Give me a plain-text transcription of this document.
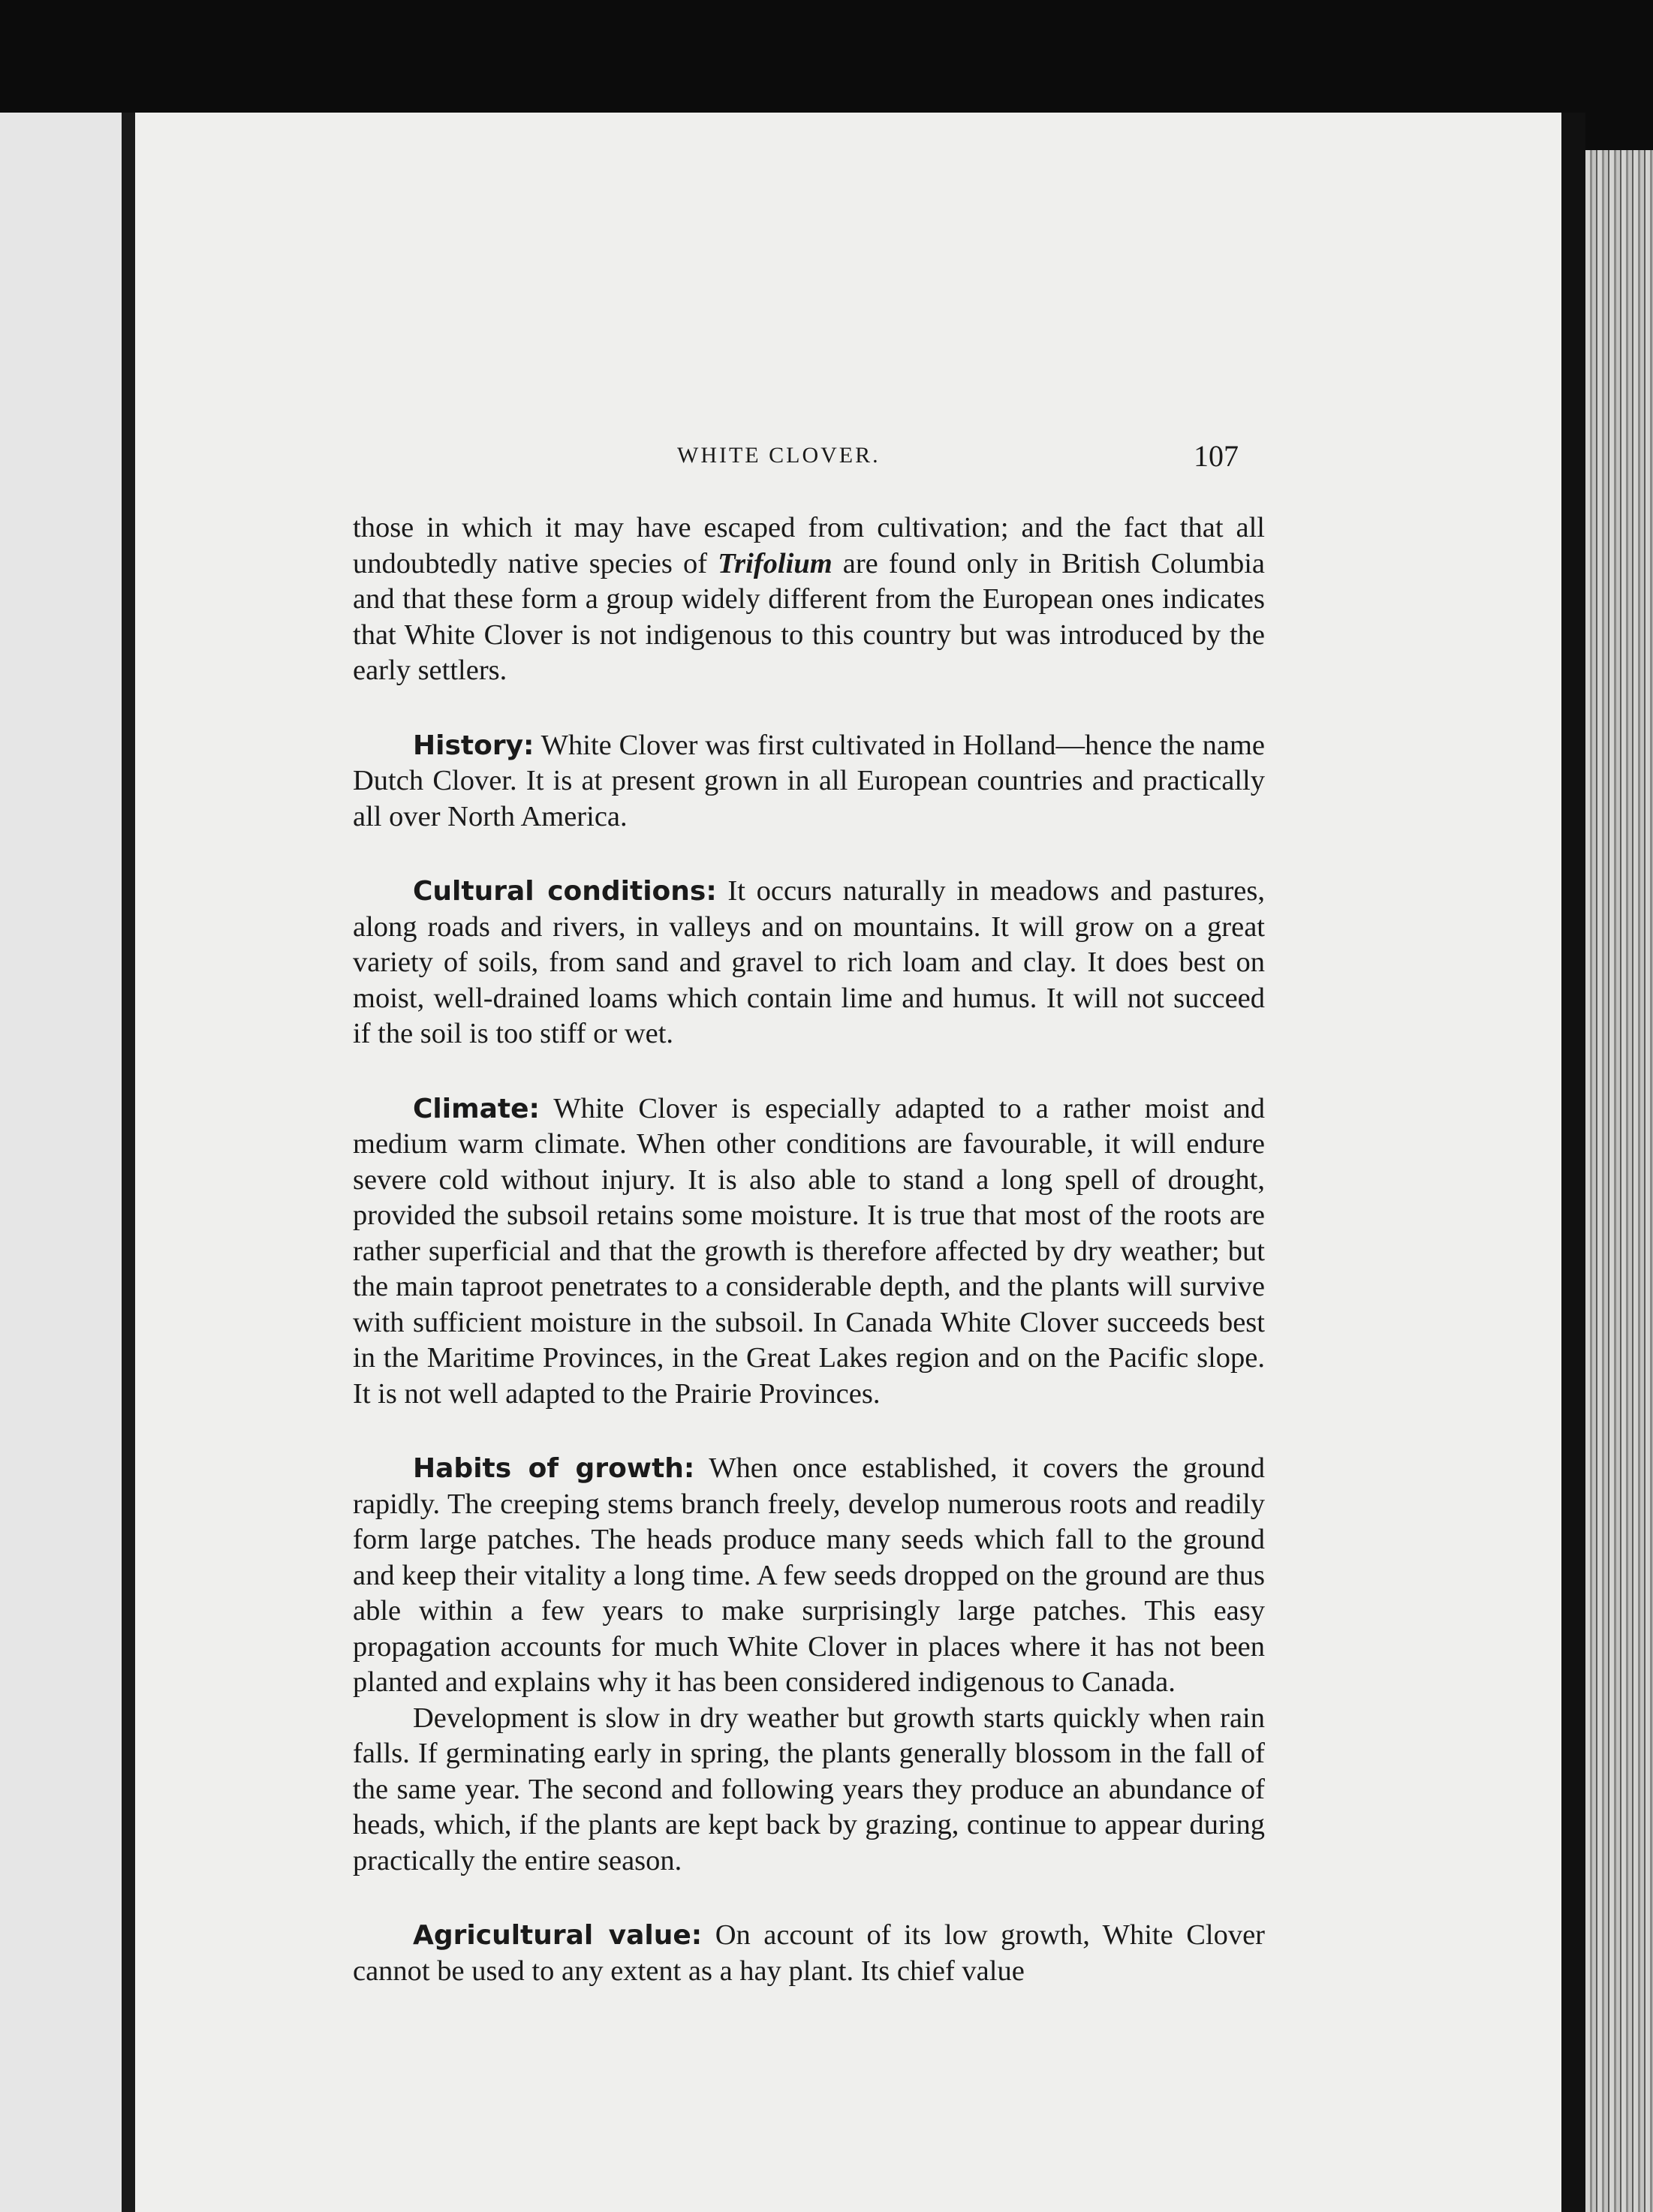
WHITE CLOVER.	107

those in which it may have escaped from cultivation; and the fact that all undoubtedly native species of Trifolium are found only in British Columbia and that these form a group widely different from the European ones indicates that White Clover is not indigenous to this country but was introduced by the early settlers.

History: White Clover was first cultivated in Holland—hence the name Dutch Clover. It is at present grown in all European countries and practically all over North America.

Cultural conditions: It occurs naturally in meadows and pastures, along roads and rivers, in valleys and on mountains. It will grow on a great variety of soils, from sand and gravel to rich loam and clay. It does best on moist, well-drained loams which contain lime and humus. It will not succeed if the soil is too stiff or wet.

Climate: White Clover is especially adapted to a rather moist and medium warm climate. When other conditions are favourable, it will endure severe cold without injury. It is also able to stand a long spell of drought, provided the subsoil retains some moisture. It is true that most of the roots are rather superficial and that the growth is therefore affected by dry weather; but the main taproot penetrates to a considerable depth, and the plants will survive with sufficient moisture in the subsoil. In Canada White Clover succeeds best in the Maritime Provinces, in the Great Lakes region and on the Pacific slope. It is not well adapted to the Prairie Provinces.

Habits of growth: When once established, it covers the ground rapidly. The creeping stems branch freely, develop numerous roots and readily form large patches. The heads produce many seeds which fall to the ground and keep their vitality a long time. A few seeds dropped on the ground are thus able within a few years to make surprisingly large patches. This easy propagation accounts for much White Clover in places where it has not been planted and explains why it has been considered indigenous to Canada.

Development is slow in dry weather but growth starts quickly when rain falls. If germinating early in spring, the plants generally blossom in the fall of the same year. The second and following years they produce an abundance of heads, which, if the plants are kept back by grazing, continue to appear during practically the entire season.

Agricultural value: On account of its low growth, White Clover cannot be used to any extent as a hay plant. Its chief value
